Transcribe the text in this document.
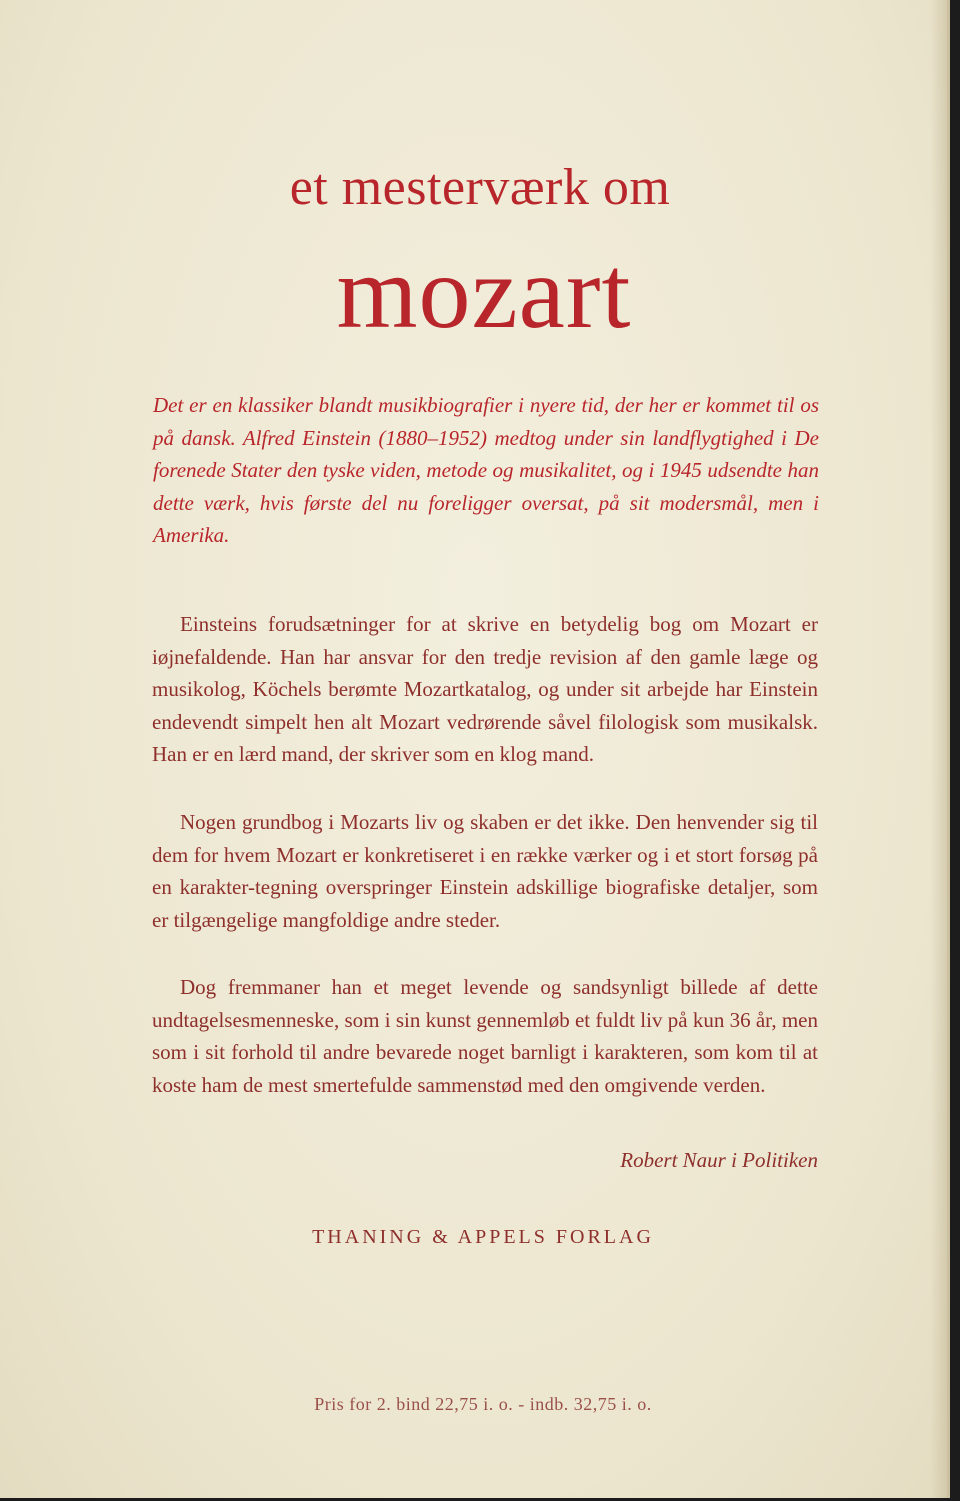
et mesterværk om
mozart

Det er en klassiker blandt musikbiografier i nyere tid, der her er kommet til os på dansk. Alfred Einstein (1880–1952) medtog under sin landflygtighed i De forenede Stater den tyske viden, metode og musikalitet, og i 1945 udsendte han dette værk, hvis første del nu foreligger oversat, på sit modersmål, men i Amerika.

Einsteins forudsætninger for at skrive en betydelig bog om Mozart er iøjnefaldende. Han har ansvar for den tredje revision af den gamle læge og musikolog, Köchels berømte Mozartkatalog, og under sit arbejde har Einstein endevendt simpelt hen alt Mozart vedrørende såvel filologisk som musikalsk. Han er en lærd mand, der skriver som en klog mand.

Nogen grundbog i Mozarts liv og skaben er det ikke. Den henvender sig til dem for hvem Mozart er konkretiseret i en række værker og i et stort forsøg på en karakter-tegning overspringer Einstein adskillige biografiske detaljer, som er tilgængelige mangfoldige andre steder.

Dog fremmaner han et meget levende og sandsynligt billede af dette undtagelsesmenneske, som i sin kunst gennemløb et fuldt liv på kun 36 år, men som i sit forhold til andre bevarede noget barnligt i karakteren, som kom til at koste ham de mest smertefulde sammenstød med den omgivende verden.

Robert Naur i Politiken
THANING & APPELS FORLAG
Pris for 2. bind 22,75 i. o. - indb. 32,75 i. o.
